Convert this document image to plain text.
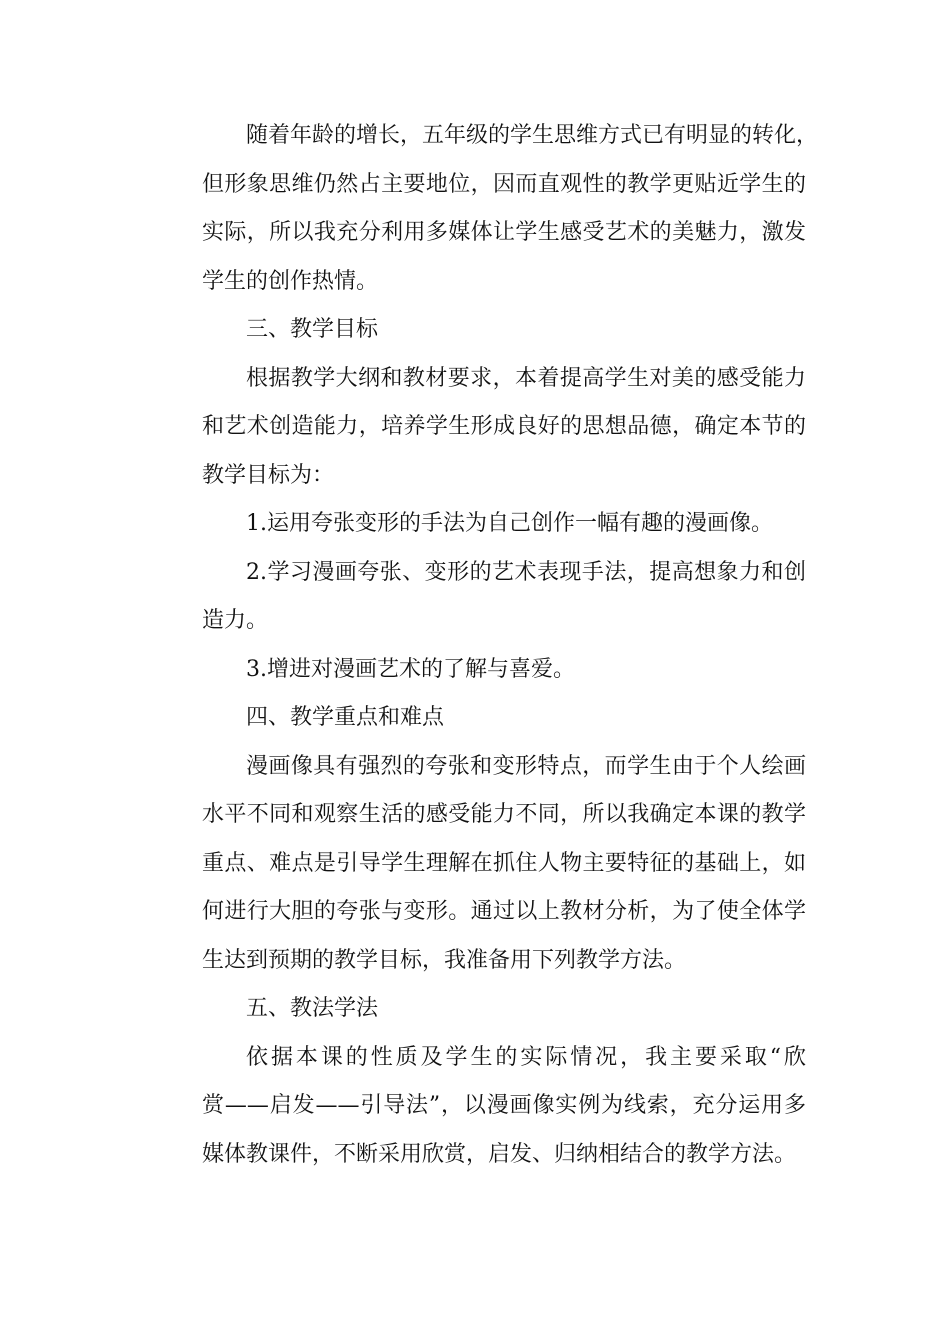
随着年龄的增长，五年级的学生思维方式已有明显的转化，
但形象思维仍然占主要地位，因而直观性的教学更贴近学生的
实际，所以我充分利用多媒体让学生感受艺术的美魅力，激发
学生的创作热情。
三、教学目标
根据教学大纲和教材要求，本着提高学生对美的感受能力
和艺术创造能力，培养学生形成良好的思想品德，确定本节的
教学目标为：
1.运用夸张变形的手法为自己创作一幅有趣的漫画像。
2.学习漫画夸张、变形的艺术表现手法，提高想象力和创
造力。
3.增进对漫画艺术的了解与喜爱。
四、教学重点和难点
漫画像具有强烈的夸张和变形特点，而学生由于个人绘画
水平不同和观察生活的感受能力不同，所以我确定本课的教学
重点、难点是引导学生理解在抓住人物主要特征的基础上，如
何进行大胆的夸张与变形。通过以上教材分析，为了使全体学
生达到预期的教学目标，我准备用下列教学方法。
五、教法学法
依据本课的性质及学生的实际情况，我主要采取“欣
赏——启发——引导法”，以漫画像实例为线索，充分运用多
媒体教课件，不断采用欣赏，启发、归纳相结合的教学方法。
